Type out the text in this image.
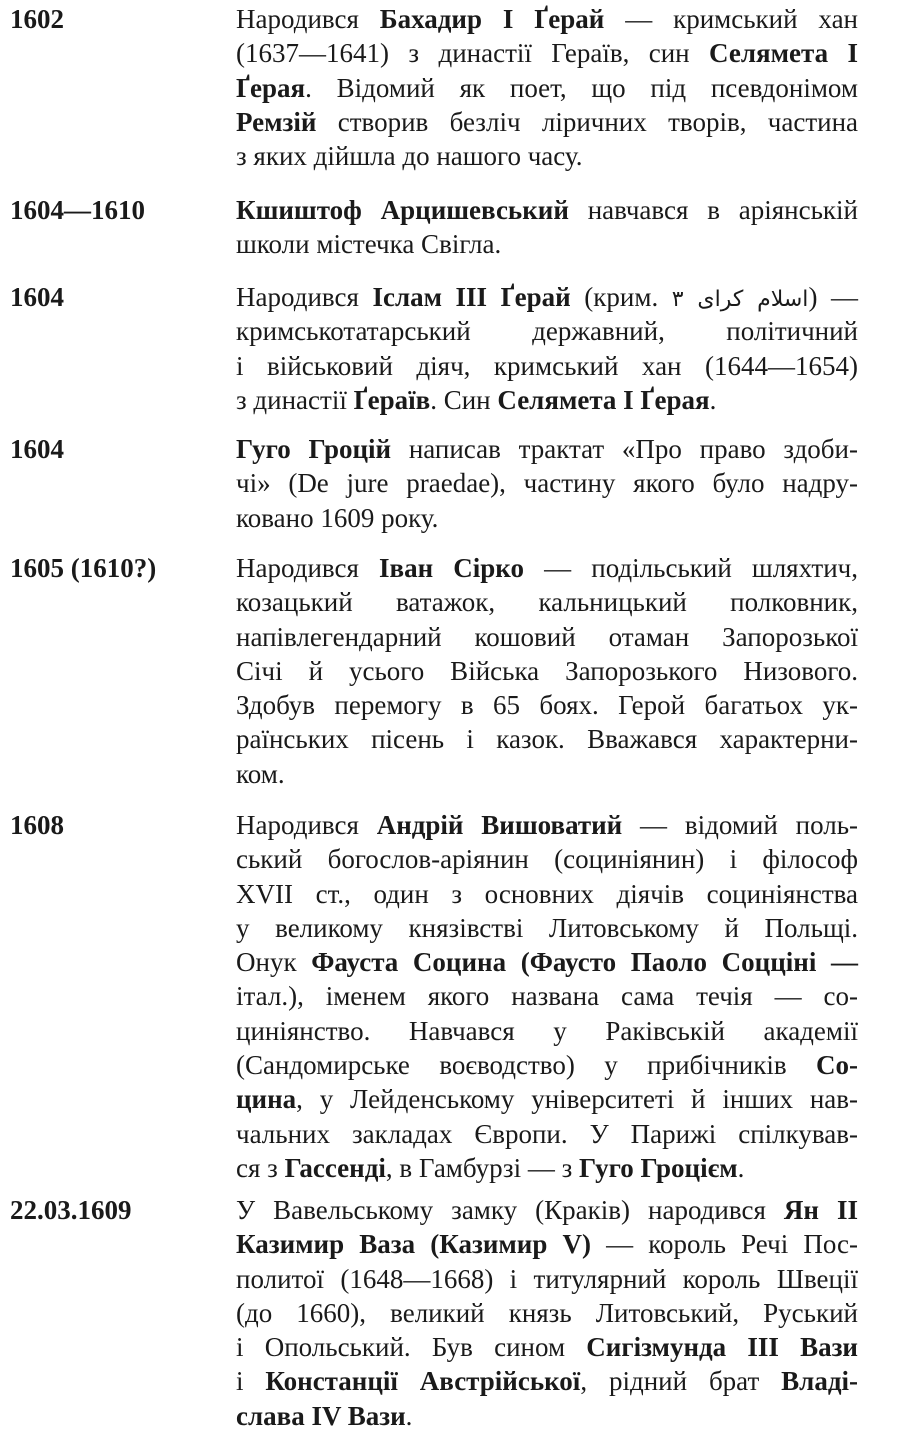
1602	Народився Бахадир І Ґерай — кримський хан
(1637—1641) з династії Гераїв, син Селямета І
Ґерая. Відомий як поет, що під псевдонімом
Ремзій створив безліч ліричних творів, частина
з яких дійшла до нашого часу.
1604—1610	Кшиштоф Арцишевський навчався в аріянській
школи містечка Свігла.
1604	Народився Іслам III Ґерай (крим. اسلام كراى ۳) —
кримськотатарський державний, політичний
і військовий діяч, кримський хан (1644—1654)
з династії Ґераїв. Син Селямета І Ґерая.
1604	Гуго Гроцій написав трактат «Про право здоби-
чі» (De jure praedae), частину якого було надру-
ковано 1609 року.
1605 (1610?)	Народився Іван Сірко — подільський шляхтич,
козацький ватажок, кальницький полковник,
напівлегендарний кошовий отаман Запорозької
Січі й усього Війська Запорозького Низового.
Здобув перемогу в 65 боях. Герой багатьох ук-
раїнських пісень і казок. Вважався характерни-
ком.
1608	Народився Андрій Вишоватий — відомий поль-
ський богослов-аріянин (социніянин) і філософ
XVII ст., один з основних діячів социніянства
у великому князівстві Литовському й Польщі.
Онук Фауста Социна (Фаусто Паоло Соццінi —
італ.), іменем якого названа сама течія — со-
циніянство. Навчався у Раківській академії
(Сандомирське воєводство) у прибічників Со-
цина, у Лейденському університеті й інших нав-
чальних закладах Європи. У Парижі спілкував-
ся з Гассенді, в Гамбурзі — з Гуго Гроцієм.
22.03.1609	У Вавельському замку (Краків) народився Ян II
Казимир Ваза (Казимир V) — король Речі Пос-
политої (1648—1668) і титулярний король Швеції
(до 1660), великий князь Литовський, Руський
і Опольський. Був сином Сигізмунда III Вази
і Констанції Австрійської, рідний брат Владі-
слава IV Вази.
